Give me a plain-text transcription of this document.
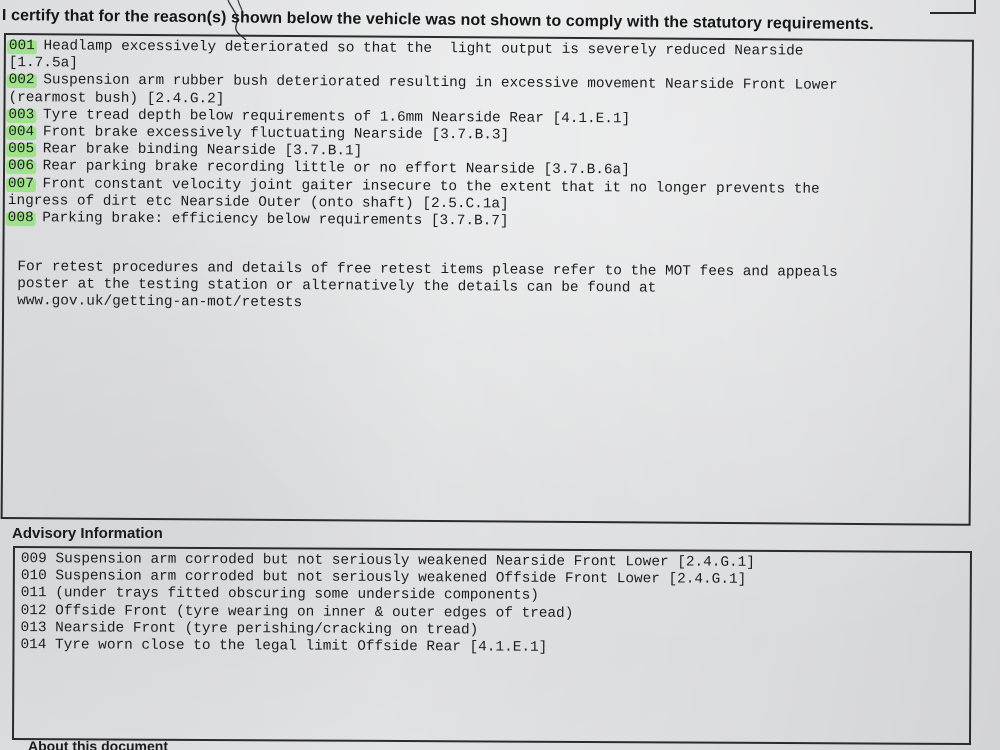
I certify that for the reason(s) shown below the vehicle was not shown to comply with the statutory requirements.
001 Headlamp excessively deteriorated so that the  light output is severely reduced Nearside
[1.7.5a]
002 Suspension arm rubber bush deteriorated resulting in excessive movement Nearside Front Lower
(rearmost bush) [2.4.G.2]
003 Tyre tread depth below requirements of 1.6mm Nearside Rear [4.1.E.1]
004 Front brake excessively fluctuating Nearside [3.7.B.3]
005 Rear brake binding Nearside [3.7.B.1]
006 Rear parking brake recording little or no effort Nearside [3.7.B.6a]
007 Front constant velocity joint gaiter insecure to the extent that it no longer prevents the
ingress of dirt etc Nearside Outer (onto shaft) [2.5.C.1a]
008 Parking brake: efficiency below requirements [3.7.B.7]
For retest procedures and details of free retest items please refer to the MOT fees and appeals
poster at the testing station or alternatively the details can be found at
www.gov.uk/getting-an-mot/retests
Advisory Information
009 Suspension arm corroded but not seriously weakened Nearside Front Lower [2.4.G.1]
010 Suspension arm corroded but not seriously weakened Offside Front Lower [2.4.G.1]
011 (under trays fitted obscuring some underside components)
012 Offside Front (tyre wearing on inner & outer edges of tread)
013 Nearside Front (tyre perishing/cracking on tread)
014 Tyre worn close to the legal limit Offside Rear [4.1.E.1]
About this document
